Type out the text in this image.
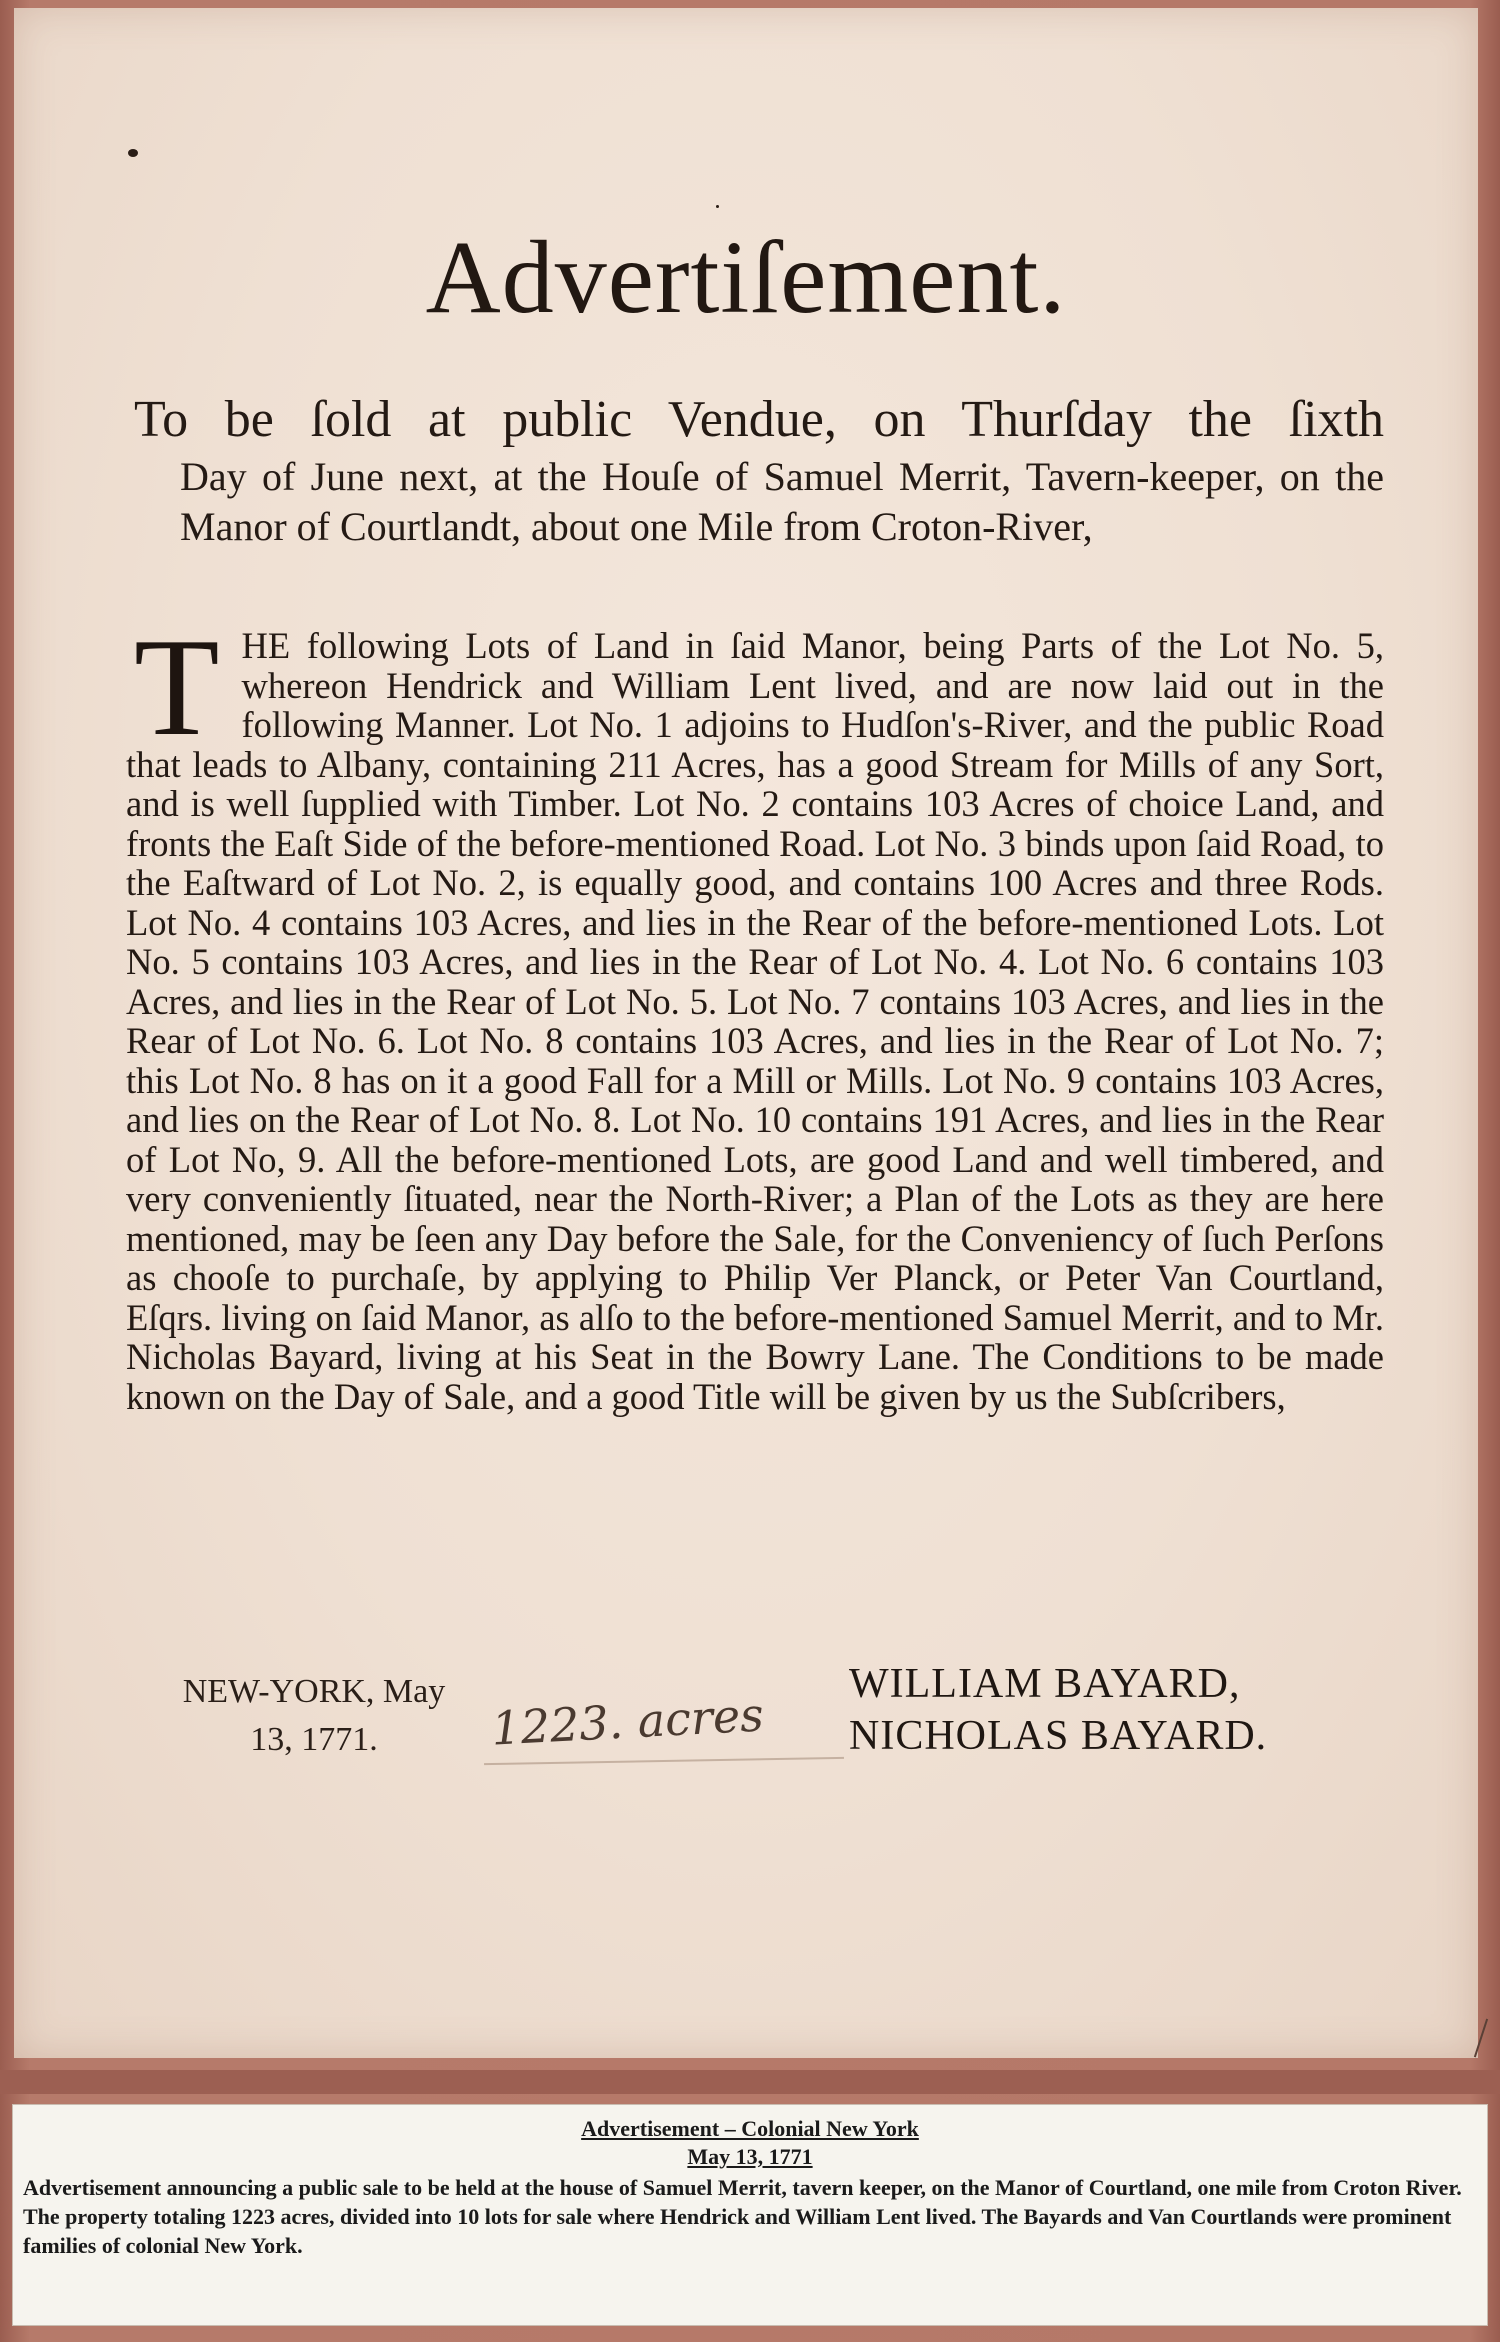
Advertiſement.

To be ſold at public Vendue, on Thurſday the ſixth

Day of June next, at the Houſe of Samuel Merrit, Tavern-keeper, on the Manor of Courtlandt, about one Mile from Croton-River,

THE following Lots of Land in ſaid Manor, being Parts of the Lot No. 5, whereon Hendrick and William Lent lived, and are now laid out in the following Manner. Lot No. 1 adjoins to Hudſon's-River, and the public Road that leads to Albany, containing 211 Acres, has a good Stream for Mills of any Sort, and is well ſupplied with Timber. Lot No. 2 contains 103 Acres of choice Land, and fronts the Eaſt Side of the before-mentioned Road. Lot No. 3 binds upon ſaid Road, to the Eaſtward of Lot No. 2, is equally good, and contains 100 Acres and three Rods. Lot No. 4 contains 103 Acres, and lies in the Rear of the before-mentioned Lots. Lot No. 5 contains 103 Acres, and lies in the Rear of Lot No. 4. Lot No. 6 contains 103 Acres, and lies in the Rear of Lot No. 5. Lot No. 7 contains 103 Acres, and lies in the Rear of Lot No. 6. Lot No. 8 contains 103 Acres, and lies in the Rear of Lot No. 7; this Lot No. 8 has on it a good Fall for a Mill or Mills. Lot No. 9 contains 103 Acres, and lies on the Rear of Lot No. 8. Lot No. 10 contains 191 Acres, and lies in the Rear of Lot No, 9. All the before-mentioned Lots, are good Land and well timbered, and very conveniently ſituated, near the North-River; a Plan of the Lots as they are here mentioned, may be ſeen any Day before the Sale, for the Conveniency of ſuch Perſons as chooſe to purchaſe, by applying to Philip Ver Planck, or Peter Van Courtland, Eſqrs. living on ſaid Manor, as alſo to the before-mentioned Samuel Merrit, and to Mr. Nicholas Bayard, living at his Seat in the Bowry Lane. The Conditions to be made known on the Day of Sale, and a good Title will be given by us the Subſcribers,

NEW-YORK, May
13, 1771.	1223. acres
WILLIAM BAYARD,
NICHOLAS BAYARD.

Advertisement – Colonial New York

May 13, 1771

Advertisement announcing a public sale to be held at the house of Samuel Merrit, tavern keeper, on the Manor of Courtland, one mile from Croton River. The property totaling 1223 acres, divided into 10 lots for sale where Hendrick and William Lent lived. The Bayards and Van Courtlands were prominent families of colonial New York.
